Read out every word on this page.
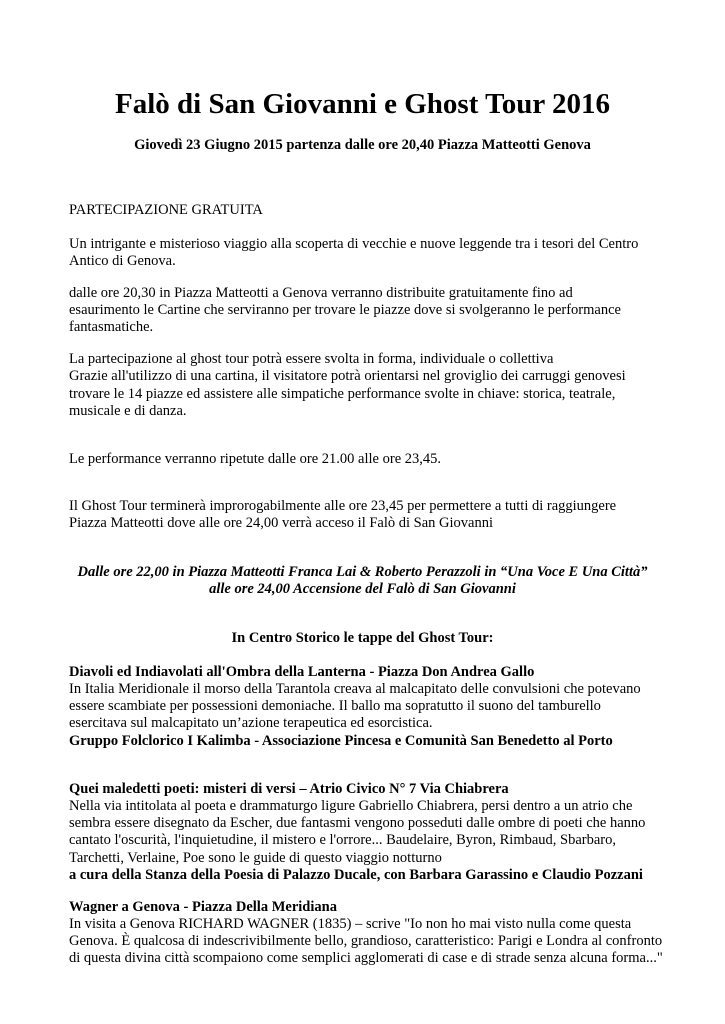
Falò di San Giovanni e Ghost Tour 2016
Giovedì 23 Giugno 2015 partenza dalle ore 20,40 Piazza Matteotti Genova
PARTECIPAZIONE GRATUITA
Un intrigante e misterioso viaggio alla scoperta di vecchie e nuove leggende tra i tesori del Centro
Antico di Genova.
dalle ore 20,30 in Piazza Matteotti a Genova verranno distribuite gratuitamente fino ad
esaurimento le Cartine che serviranno per trovare le piazze dove si svolgeranno le performance
fantasmatiche.
La partecipazione al ghost tour potrà essere svolta in forma, individuale o collettiva
Grazie all'utilizzo di una cartina, il visitatore potrà orientarsi nel groviglio dei carruggi genovesi
trovare le 14 piazze ed assistere alle simpatiche performance svolte in chiave: storica, teatrale,
musicale e di danza.
Le performance verranno ripetute dalle ore 21.00 alle ore 23,45.
Il Ghost Tour terminerà improrogabilmente alle ore 23,45 per permettere a tutti di raggiungere
Piazza Matteotti dove alle ore 24,00 verrà acceso il Falò di San Giovanni
Dalle ore 22,00 in Piazza Matteotti Franca Lai & Roberto Perazzoli in “Una Voce E Una Città”
alle ore 24,00 Accensione del Falò di San Giovanni
In Centro Storico le tappe del Ghost Tour:
Diavoli ed Indiavolati all'Ombra della Lanterna - Piazza Don Andrea Gallo
In Italia Meridionale il morso della Tarantola creava al malcapitato delle convulsioni che potevano
essere scambiate per possessioni demoniache. Il ballo ma sopratutto il suono del tamburello
esercitava sul malcapitato un’azione terapeutica ed esorcistica.
Gruppo Folclorico I Kalimba - Associazione Pincesa e Comunità San Benedetto al Porto
Quei maledetti poeti: misteri di versi – Atrio Civico N° 7 Via Chiabrera
Nella via intitolata al poeta e drammaturgo ligure Gabriello Chiabrera, persi dentro a un atrio che
sembra essere disegnato da Escher, due fantasmi vengono posseduti dalle ombre di poeti che hanno
cantato l'oscurità, l'inquietudine, il mistero e l'orrore... Baudelaire, Byron, Rimbaud, Sbarbaro,
Tarchetti, Verlaine, Poe sono le guide di questo viaggio notturno
a cura della Stanza della Poesia di Palazzo Ducale, con Barbara Garassino e Claudio Pozzani
Wagner a Genova - Piazza Della Meridiana
In visita a Genova RICHARD WAGNER (1835) – scrive "Io non ho mai visto nulla come questa
Genova. È qualcosa di indescrivibilmente bello, grandioso, caratteristico: Parigi e Londra al confronto
di questa divina città scompaiono come semplici agglomerati di case e di strade senza alcuna forma..."
